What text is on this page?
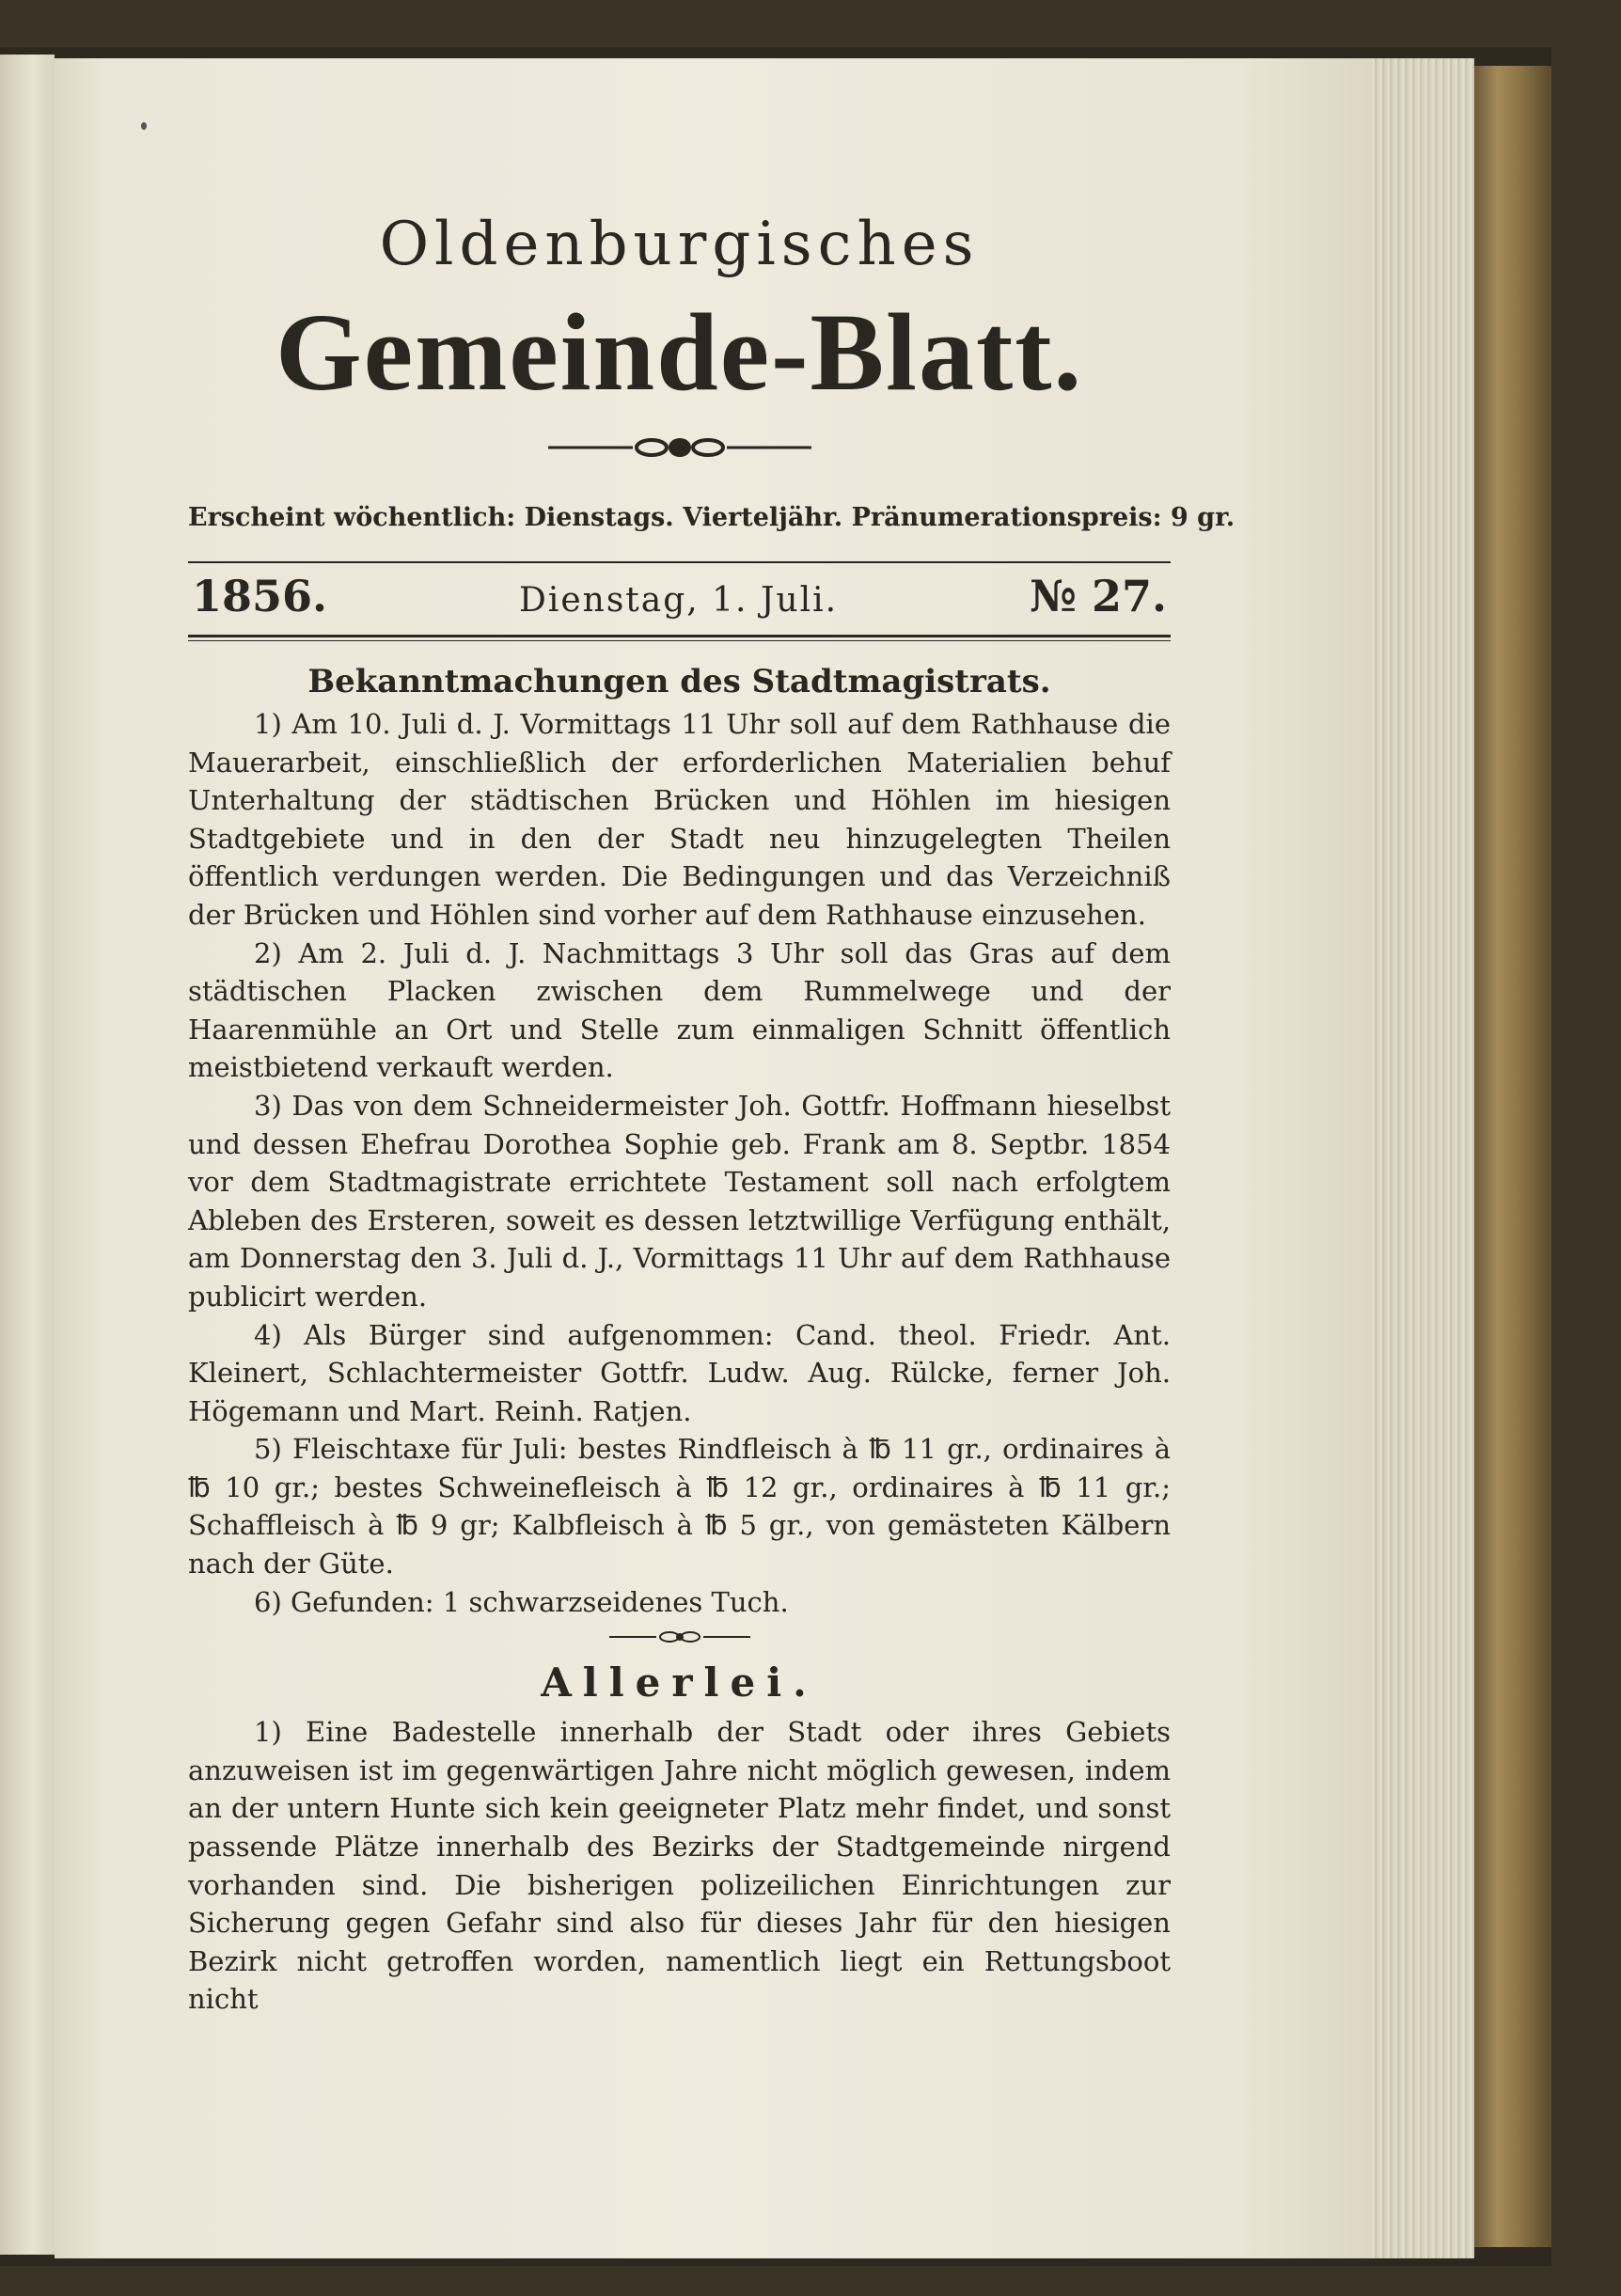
Oldenburgisches
Gemeinde-Blatt.
Erscheint wöchentlich: Dienstags. Vierteljähr. Pränumerationspreis: 9 gr.
1856.	Dienstag, 1. Juli.	№ 27.
Bekanntmachungen des Stadtmagistrats.

1) Am 10. Juli d. J. Vormittags 11 Uhr soll auf dem Rathhause die Mauerarbeit, einschließlich der erforderlichen Materialien behuf Unterhaltung der städtischen Brücken und Höhlen im hiesigen Stadtgebiete und in den der Stadt neu hinzugelegten Theilen öffentlich verdungen werden. Die Bedingungen und das Verzeichniß der Brücken und Höhlen sind vorher auf dem Rathhause einzusehen.

2) Am 2. Juli d. J. Nachmittags 3 Uhr soll das Gras auf dem städtischen Placken zwischen dem Rummelwege und der Haarenmühle an Ort und Stelle zum einmaligen Schnitt öffentlich meistbietend verkauft werden.

3) Das von dem Schneidermeister Joh. Gottfr. Hoffmann hieselbst und dessen Ehefrau Dorothea Sophie geb. Frank am 8. Septbr. 1854 vor dem Stadtmagistrate errichtete Testament soll nach erfolgtem Ableben des Ersteren, soweit es dessen letztwillige Verfügung enthält, am Donnerstag den 3. Juli d. J., Vormittags 11 Uhr auf dem Rathhause publicirt werden.

4) Als Bürger sind aufgenommen: Cand. theol. Friedr. Ant. Kleinert, Schlachtermeister Gottfr. Ludw. Aug. Rülcke, ferner Joh. Högemann und Mart. Reinh. Ratjen.

5) Fleischtaxe für Juli: bestes Rindfleisch à ℔ 11 gr., ordinaires à ℔ 10 gr.; bestes Schweinefleisch à ℔ 12 gr., ordinaires à ℔ 11 gr.; Schaffleisch à ℔ 9 gr; Kalbfleisch à ℔ 5 gr., von gemästeten Kälbern nach der Güte.

6) Gefunden: 1 schwarzseidenes Tuch.

Allerlei.

1) Eine Badestelle innerhalb der Stadt oder ihres Gebiets anzuweisen ist im gegenwärtigen Jahre nicht möglich gewesen, indem an der untern Hunte sich kein geeigneter Platz mehr findet, und sonst passende Plätze innerhalb des Bezirks der Stadtgemeinde nirgend vorhanden sind. Die bisherigen polizeilichen Einrichtungen zur Sicherung gegen Gefahr sind also für dieses Jahr für den hiesigen Bezirk nicht getroffen worden, namentlich liegt ein Rettungsboot nicht
